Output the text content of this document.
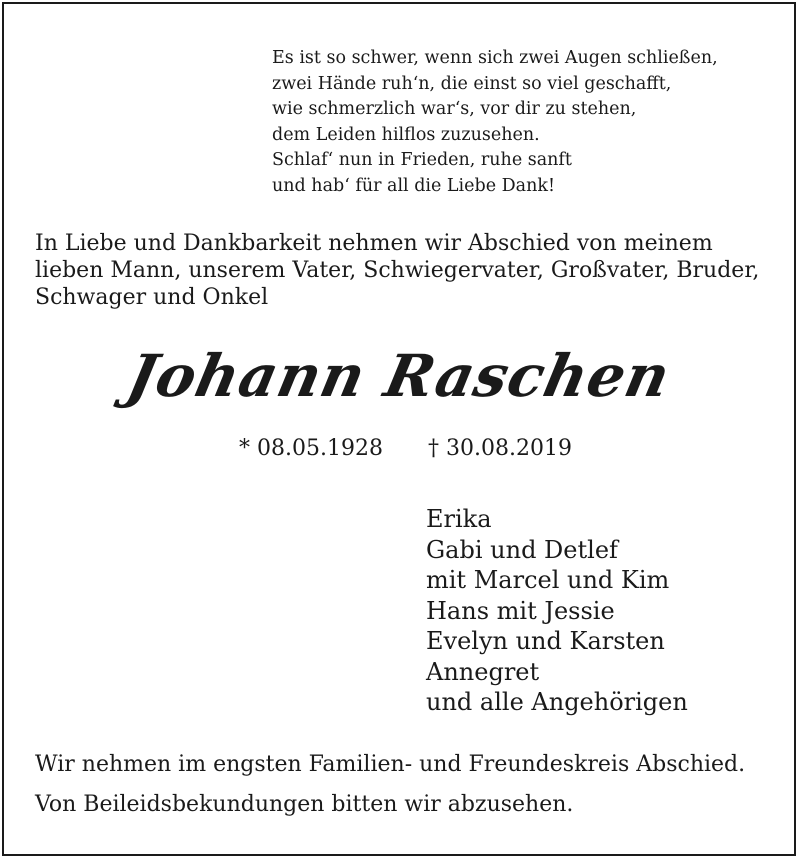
Es ist so schwer, wenn sich zwei Augen schließen,
zwei Hände ruh‘n, die einst so viel geschafft,
wie schmerzlich war‘s, vor dir zu stehen,
dem Leiden hilflos zuzusehen.
Schlaf‘ nun in Frieden, ruhe sanft
und hab‘ für all die Liebe Dank!
In Liebe und Dankbarkeit nehmen wir Abschied von meinem
lieben Mann, unserem Vater, Schwiegervater, Großvater, Bruder,
Schwager und Onkel
Johann Raschen
* 08.05.1928 † 30.08.2019
Erika
Gabi und Detlef
mit Marcel und Kim
Hans mit Jessie
Evelyn und Karsten
Annegret
und alle Angehörigen
Wir nehmen im engsten Familien- und Freundeskreis Abschied.
Von Beileidsbekundungen bitten wir abzusehen.
